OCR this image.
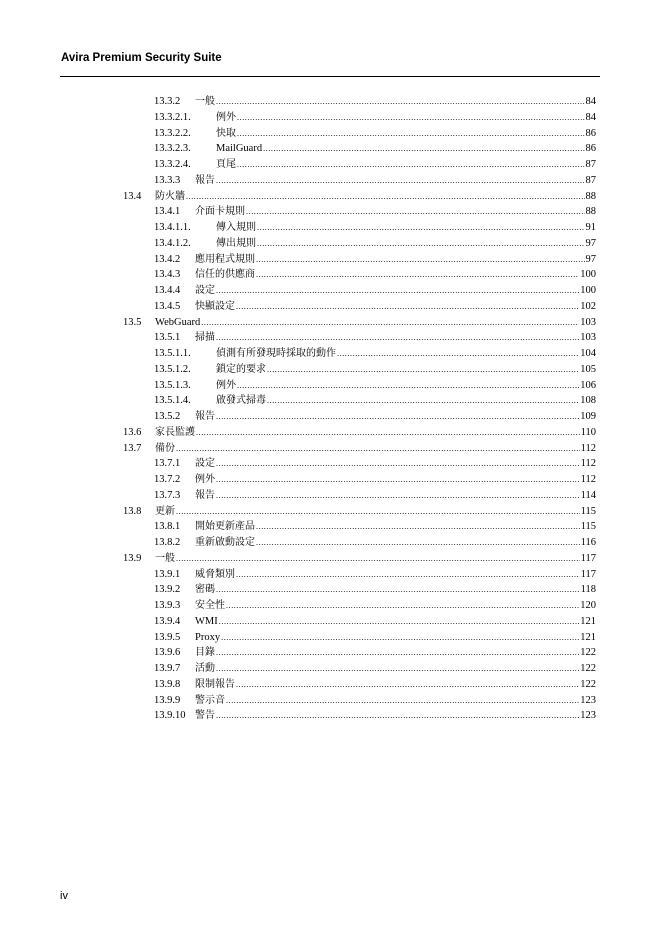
Avira Premium Security Suite
13.3.2	一般 .....	84
13.3.2.1.	例外 .....	84
13.3.2.2.	快取 .....	86
13.3.2.3.	MailGuard .....	86
13.3.2.4.	頁尾 .....	87
13.3.3	報告 .....	87
13.4	防火牆 .....	88
13.4.1	介面卡規則 .....	88
13.4.1.1.	傳入規則 .....	91
13.4.1.2.	傳出規則 .....	97
13.4.2	應用程式規則 .....	97
13.4.3	信任的供應商 .....	100
13.4.4	設定 .....	100
13.4.5	快顯設定 .....	102
13.5	WebGuard .....	103
13.5.1	掃描 .....	103
13.5.1.1.	偵測有所發現時採取的動作 .....	104
13.5.1.2.	鎖定的要求 .....	105
13.5.1.3.	例外 .....	106
13.5.1.4.	啟發式掃毒 .....	108
13.5.2	報告 .....	109
13.6	家長監護 .....	110
13.7	備份 .....	112
13.7.1	設定 .....	112
13.7.2	例外 .....	112
13.7.3	報告 .....	114
13.8	更新 .....	115
13.8.1	開始更新產品 .....	115
13.8.2	重新啟動設定 .....	116
13.9	一般 .....	117
13.9.1	威脅類別 .....	117
13.9.2	密碼 .....	118
13.9.3	安全性 .....	120
13.9.4	WMI .....	121
13.9.5	Proxy .....	121
13.9.6	目錄 .....	122
13.9.7	活動 .....	122
13.9.8	限制報告 .....	122
13.9.9	警示音 .....	123
13.9.10 警告 .....	123
iv
